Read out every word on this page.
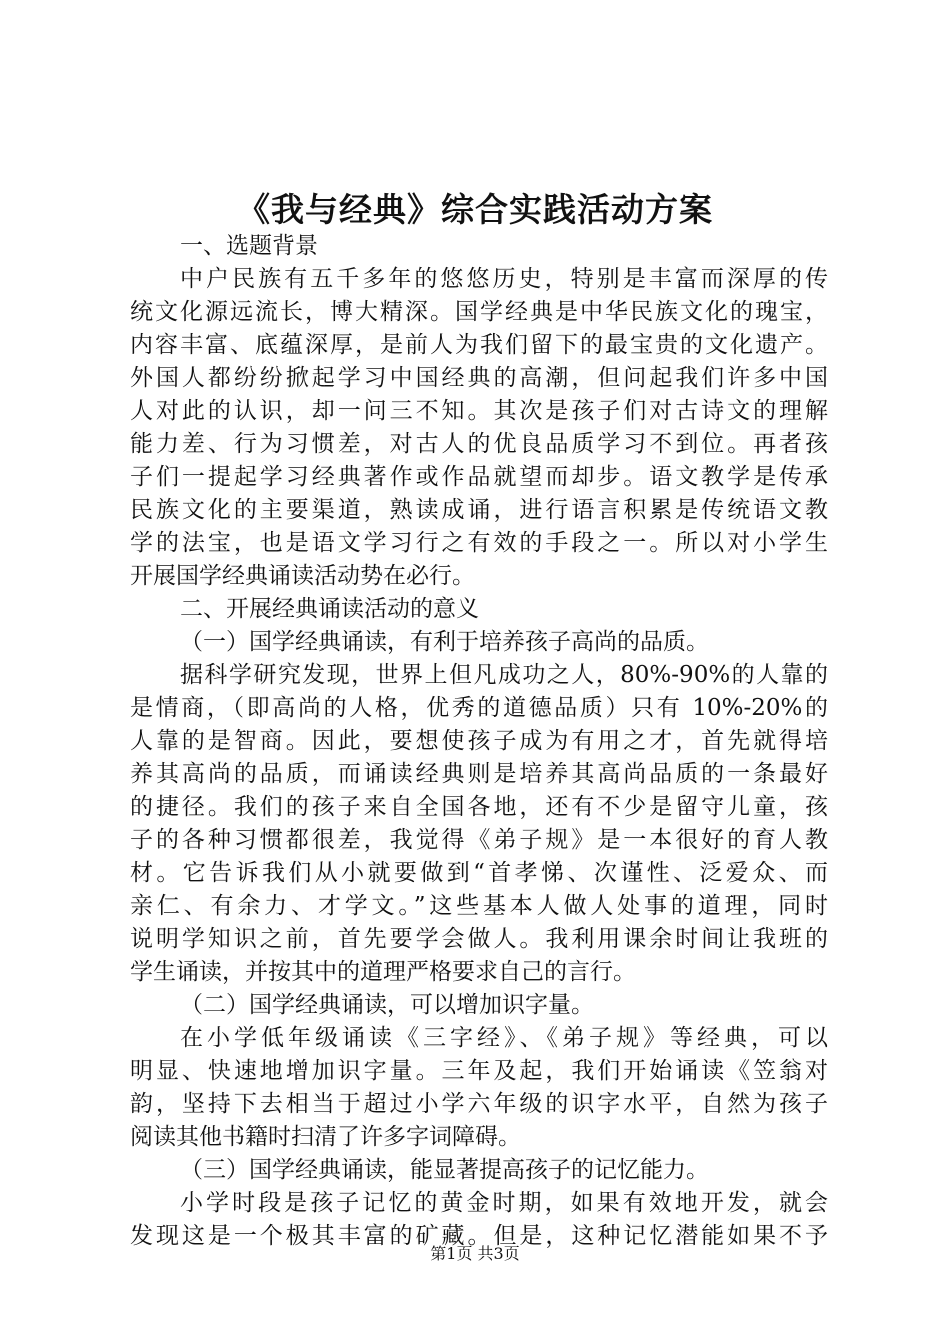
《我与经典》综合实践活动方案
一、选题背景
中户民族有五千多年的悠悠历史，特别是丰富而深厚的传
统文化源远流长，博大精深。国学经典是中华民族文化的瑰宝，
内容丰富、底蕴深厚，是前人为我们留下的最宝贵的文化遗产。
外国人都纷纷掀起学习中国经典的高潮，但问起我们许多中国
人对此的认识，却一问三不知。其次是孩子们对古诗文的理解
能力差、行为习惯差，对古人的优良品质学习不到位。再者孩
子们一提起学习经典著作或作品就望而却步。语文教学是传承
民族文化的主要渠道，熟读成诵，进行语言积累是传统语文教
学的法宝，也是语文学习行之有效的手段之一。所以对小学生
开展国学经典诵读活动势在必行。
二、开展经典诵读活动的意义
（一）国学经典诵读，有利于培养孩子高尚的品质。
据科学研究发现，世界上但凡成功之人，80%-90%的人靠的
是情商，（即高尚的人格，优秀的道德品质）只有 10%-20%的
人靠的是智商。因此，要想使孩子成为有用之才，首先就得培
养其高尚的品质，而诵读经典则是培养其高尚品质的一条最好
的捷径。我们的孩子来自全国各地，还有不少是留守儿童，孩
子的各种习惯都很差，我觉得《弟子规》是一本很好的育人教
材。它告诉我们从小就要做到“首孝悌、次谨性、泛爱众、而
亲仁、有余力、才学文。”这些基本人做人处事的道理，同时
说明学知识之前，首先要学会做人。我利用课余时间让我班的
学生诵读，并按其中的道理严格要求自己的言行。
（二）国学经典诵读，可以增加识字量。
在小学低年级诵读《三字经》、《弟子规》等经典，可以
明显、快速地增加识字量。三年及起，我们开始诵读《笠翁对
韵，坚持下去相当于超过小学六年级的识字水平，自然为孩子
阅读其他书籍时扫清了许多字词障碍。
（三）国学经典诵读，能显著提高孩子的记忆能力。
小学时段是孩子记忆的黄金时期，如果有效地开发，就会
发现这是一个极其丰富的矿藏。但是，这种记忆潜能如果不予
第1页 共3页
